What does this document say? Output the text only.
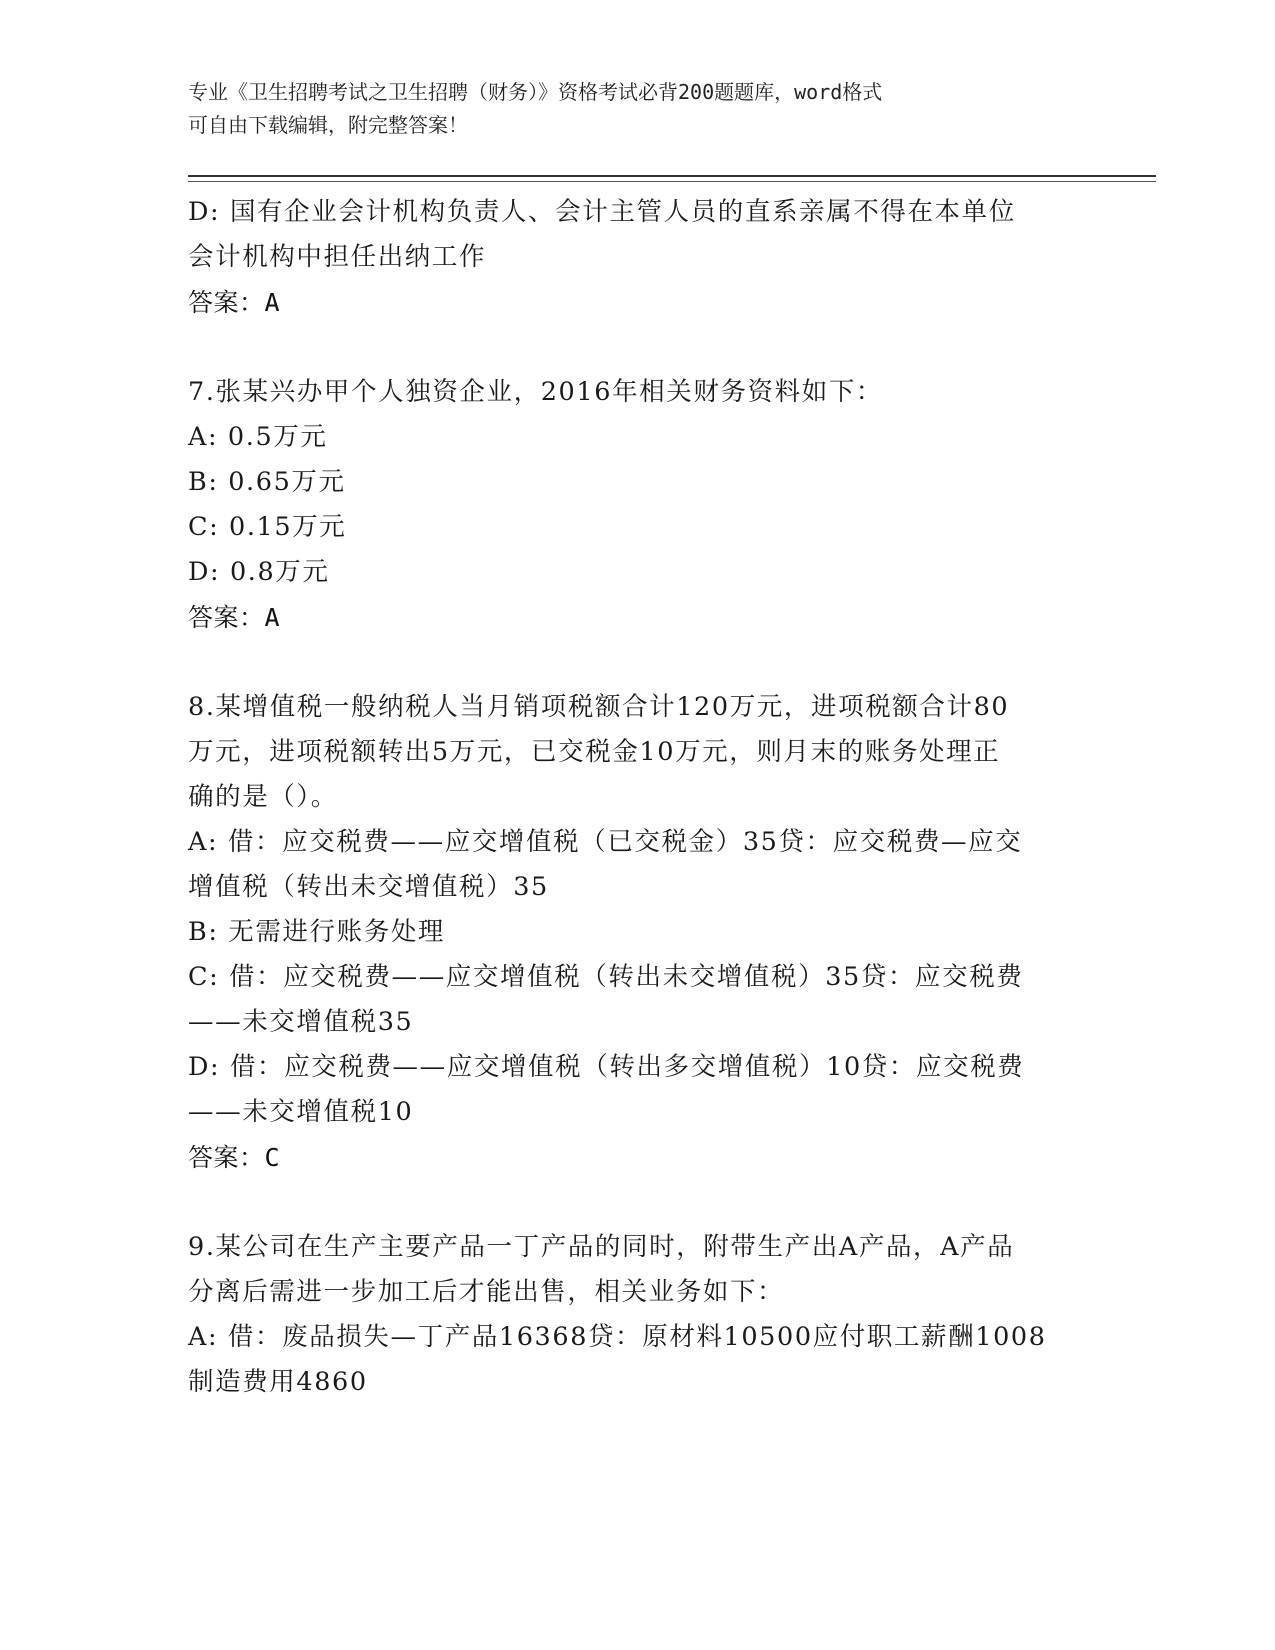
专业《卫生招聘考试之卫生招聘（财务）》资格考试必背200题题库，word格式
可自由下载编辑，附完整答案！
D: 国有企业会计机构负责人、会计主管人员的直系亲属不得在本单位
会计机构中担任出纳工作
答案：A
7.张某兴办甲个人独资企业，2016年相关财务资料如下：
A: 0.5万元
B: 0.65万元
C: 0.15万元
D: 0.8万元
答案：A
8.某增值税一般纳税人当月销项税额合计120万元，进项税额合计80
万元，进项税额转出5万元，已交税金10万元，则月末的账务处理正
确的是（）。
A: 借：应交税费——应交增值税（已交税金）35贷：应交税费—应交
增值税（转出未交增值税）35
B: 无需进行账务处理
C: 借：应交税费——应交增值税（转出未交增值税）35贷：应交税费
——未交增值税35
D: 借：应交税费——应交增值税（转出多交增值税）10贷：应交税费
——未交增值税10
答案：C
9.某公司在生产主要产品一丁产品的同时，附带生产出A产品，A产品
分离后需进一步加工后才能出售，相关业务如下：
A: 借：废品损失—丁产品16368贷：原材料10500应付职工薪酬1008
制造费用4860
